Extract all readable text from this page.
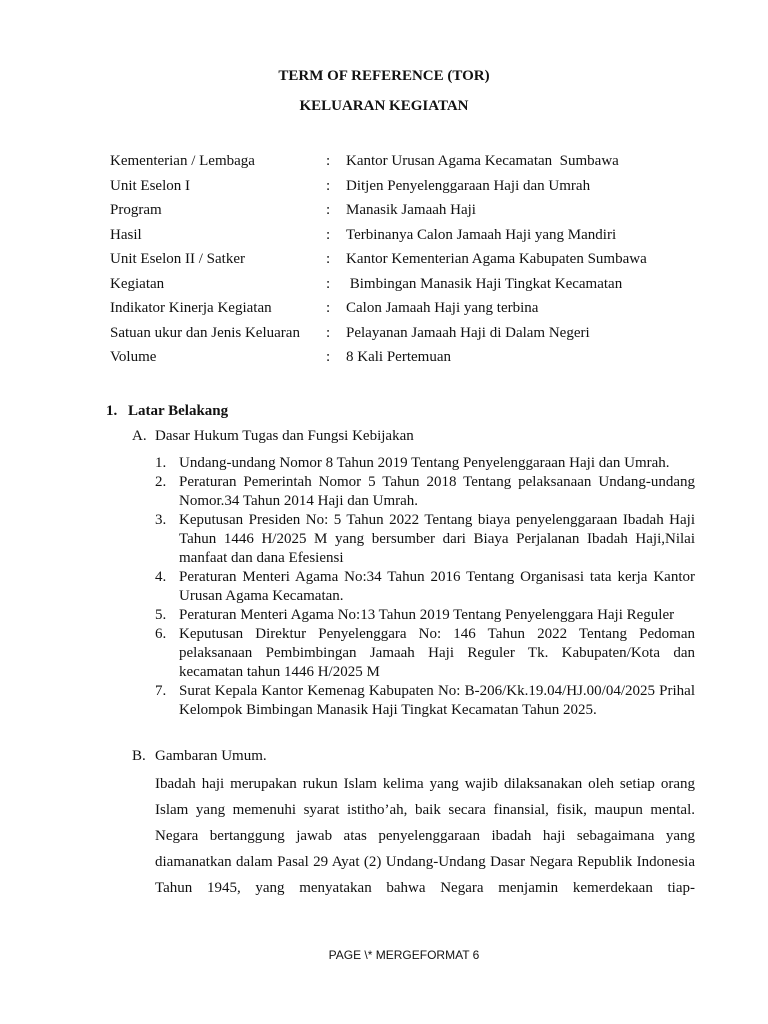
TERM OF REFERENCE (TOR)
KELUARAN KEGIATAN
Kementerian / Lembaga	:	Kantor Urusan Agama Kecamatan  Sumbawa
Unit Eselon I	:	Ditjen Penyelenggaraan Haji dan Umrah
Program	:	Manasik Jamaah Haji
Hasil	:	Terbinanya Calon Jamaah Haji yang Mandiri
Unit Eselon II / Satker	:	Kantor Kementerian Agama Kabupaten Sumbawa
Kegiatan	:	Bimbingan Manasik Haji Tingkat Kecamatan
Indikator Kinerja Kegiatan	:	Calon Jamaah Haji yang terbina
Satuan ukur dan Jenis Keluaran	:	Pelayanan Jamaah Haji di Dalam Negeri
Volume	:	8 Kali Pertemuan
1. Latar Belakang
A. Dasar Hukum Tugas dan Fungsi Kebijakan
1. Undang-undang Nomor 8 Tahun 2019 Tentang Penyelenggaraan Haji dan Umrah.
2. Peraturan Pemerintah Nomor 5 Tahun 2018 Tentang pelaksanaan Undang-undang Nomor.34 Tahun 2014 Haji dan Umrah.
3. Keputusan Presiden No: 5 Tahun 2022 Tentang biaya penyelenggaraan Ibadah Haji Tahun 1446 H/2025 M yang bersumber dari Biaya Perjalanan Ibadah Haji,Nilai manfaat dan dana Efesiensi
4. Peraturan Menteri Agama No:34 Tahun 2016 Tentang Organisasi tata kerja Kantor Urusan Agama Kecamatan.
5. Peraturan Menteri Agama No:13 Tahun 2019 Tentang Penyelenggara Haji Reguler
6. Keputusan Direktur Penyelenggara No: 146 Tahun 2022 Tentang Pedoman pelaksanaan Pembimbingan Jamaah Haji Reguler Tk. Kabupaten/Kota dan kecamatan tahun 1446 H/2025 M
7. Surat Kepala Kantor Kemenag Kabupaten No: B-206/Kk.19.04/HJ.00/04/2025 Prihal Kelompok Bimbingan Manasik Haji Tingkat Kecamatan Tahun 2025.
B. Gambaran Umum.
Ibadah haji merupakan rukun Islam kelima yang wajib dilaksanakan oleh setiap orang Islam yang memenuhi syarat istitho’ah, baik secara finansial, fisik, maupun mental. Negara bertanggung jawab atas penyelenggaraan ibadah haji sebagaimana yang diamanatkan dalam Pasal 29 Ayat (2) Undang-Undang Dasar Negara Republik Indonesia Tahun 1945, yang menyatakan bahwa Negara menjamin kemerdekaan tiap-
PAGE \* MERGEFORMAT 6
